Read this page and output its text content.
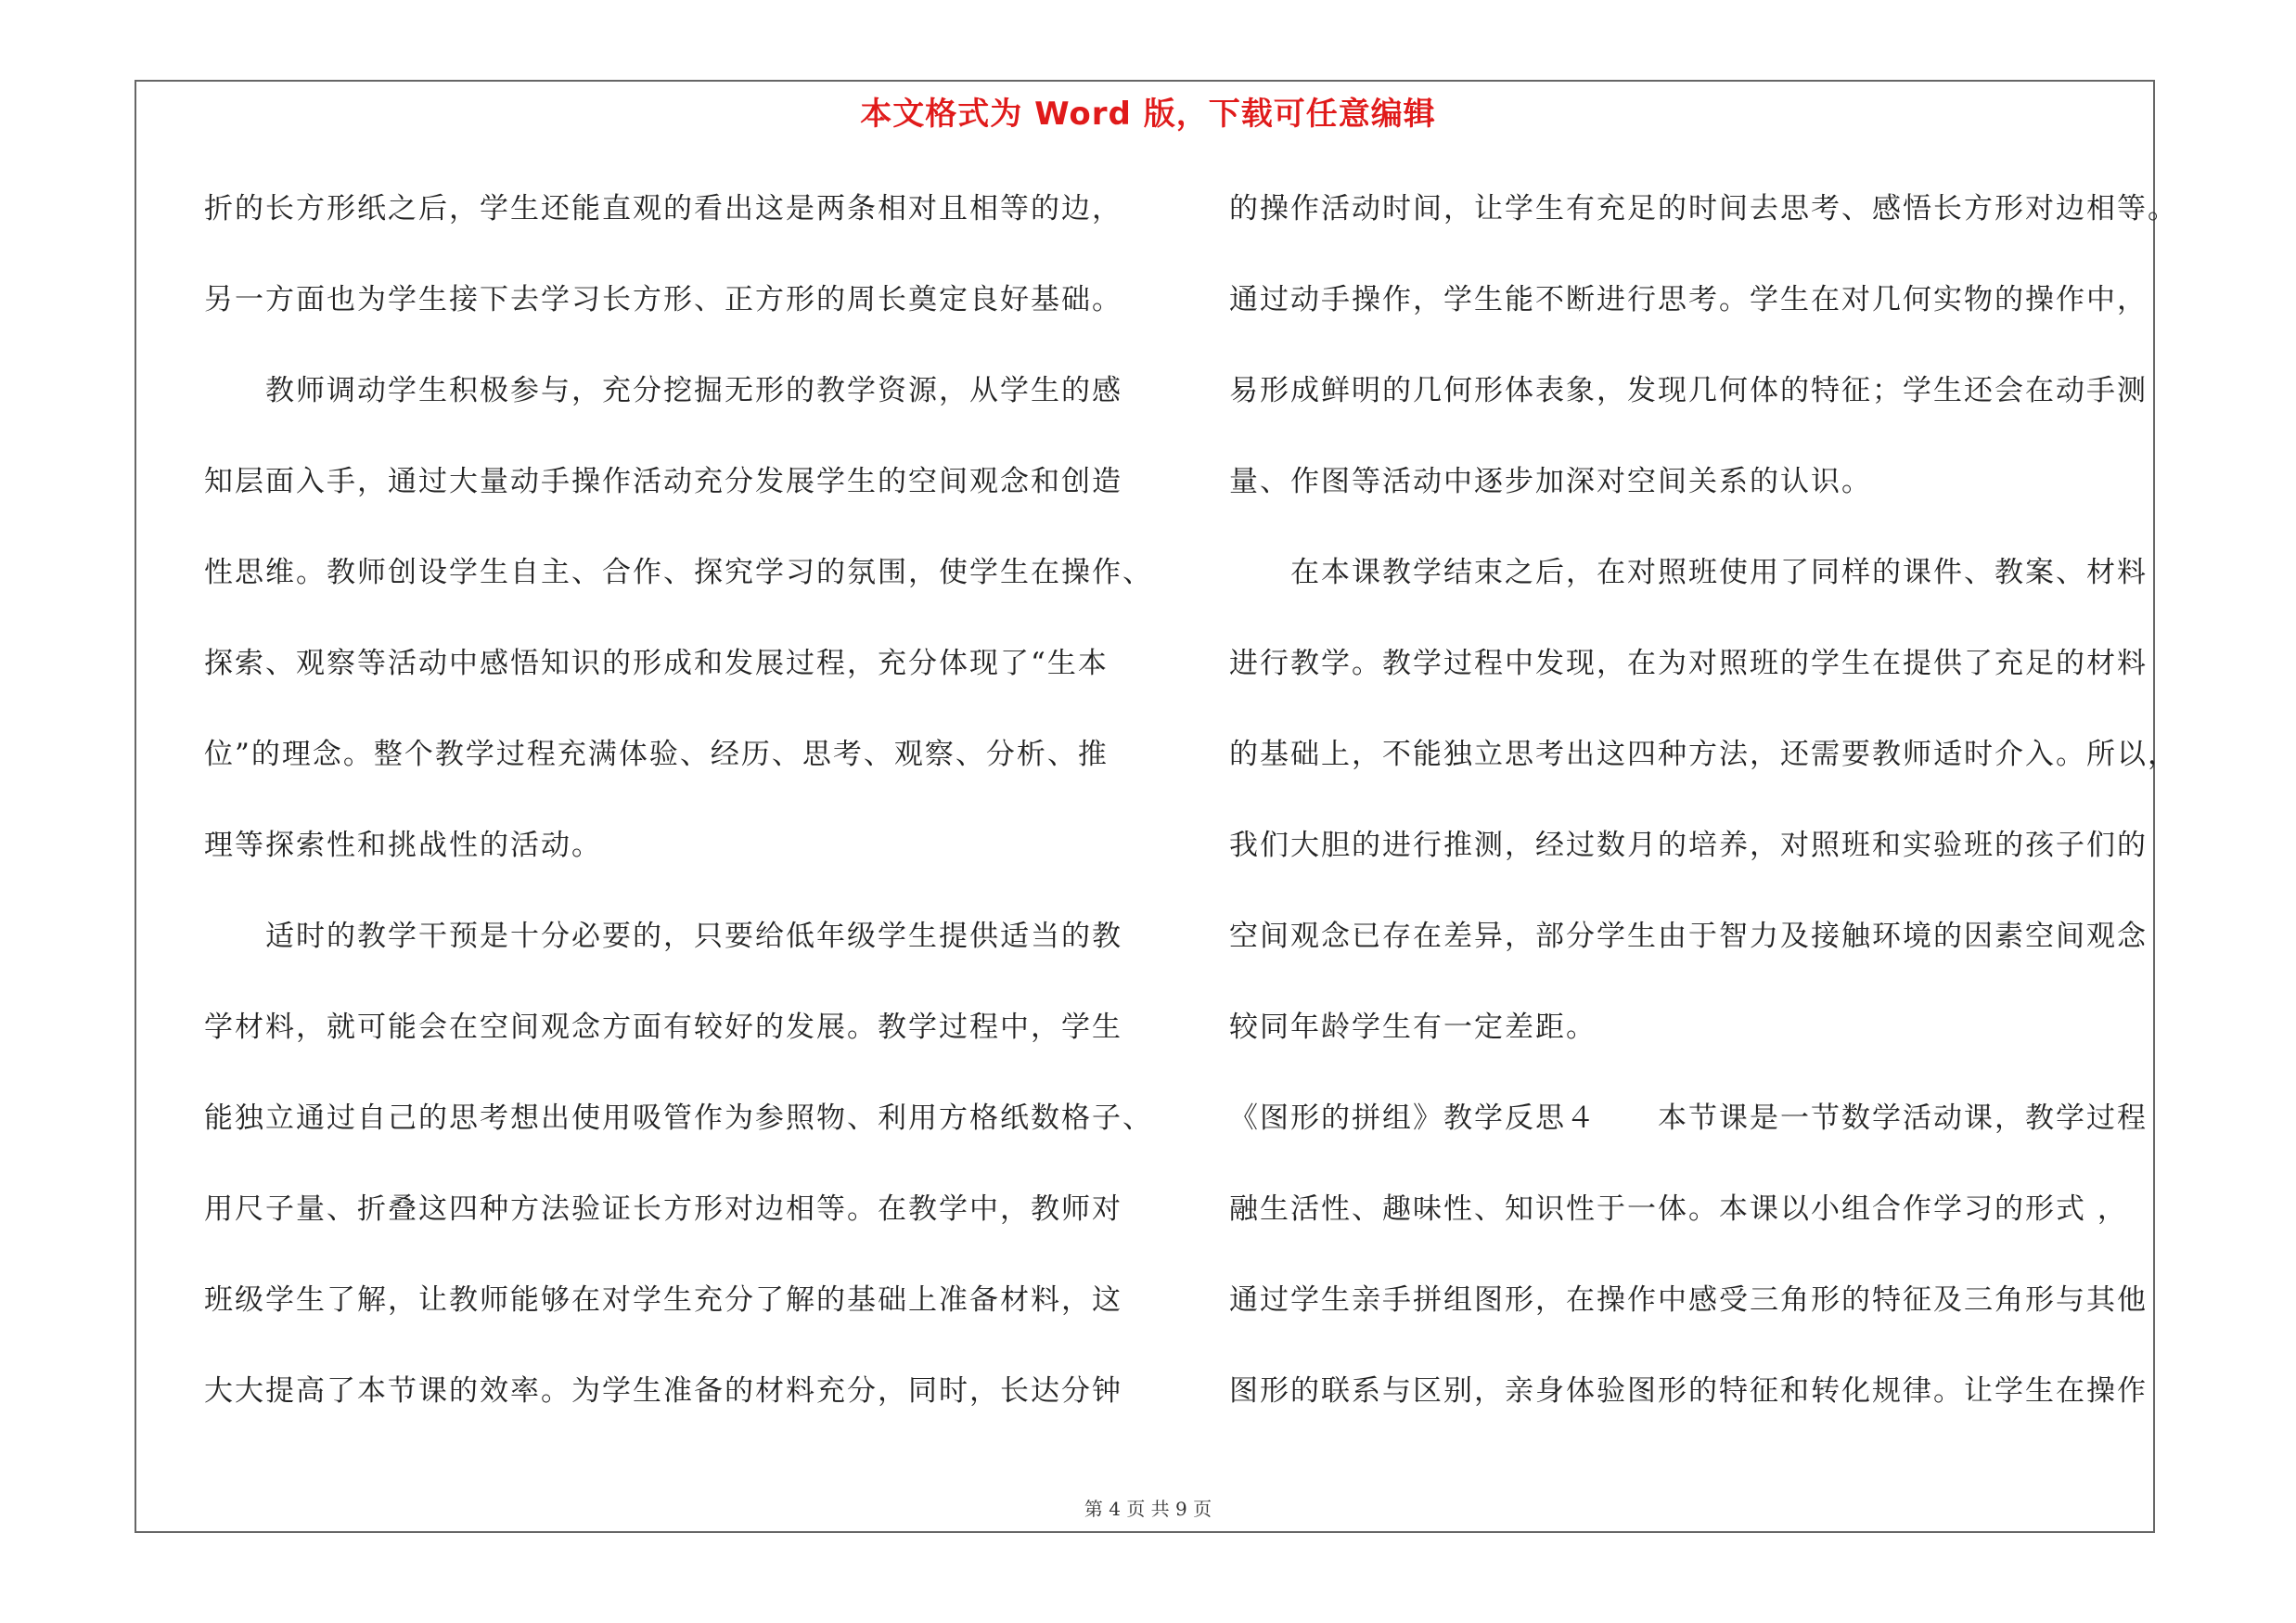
本文格式为 Word 版，下载可任意编辑
折的长方形纸之后，学生还能直观的看出这是两条相对且相等的边，
另一方面也为学生接下去学习长方形、正方形的周长奠定良好基础。
　　教师调动学生积极参与，充分挖掘无形的教学资源，从学生的感
知层面入手，通过大量动手操作活动充分发展学生的空间观念和创造
性思维。教师创设学生自主、合作、探究学习的氛围，使学生在操作、
探索、观察等活动中感悟知识的形成和发展过程，充分体现了“生本
位”的理念。整个教学过程充满体验、经历、思考、观察、分析、推
理等探索性和挑战性的活动。
　　适时的教学干预是十分必要的，只要给低年级学生提供适当的教
学材料，就可能会在空间观念方面有较好的发展。教学过程中，学生
能独立通过自己的思考想出使用吸管作为参照物、利用方格纸数格子、
用尺子量、折叠这四种方法验证长方形对边相等。在教学中，教师对
班级学生了解，让教师能够在对学生充分了解的基础上准备材料，这
大大提高了本节课的效率。为学生准备的材料充分，同时，长达分钟
的操作活动时间，让学生有充足的时间去思考、感悟长方形对边相等。
通过动手操作，学生能不断进行思考。学生在对几何实物的操作中，
易形成鲜明的几何形体表象，发现几何体的特征；学生还会在动手测
量、作图等活动中逐步加深对空间关系的认识。
　　在本课教学结束之后，在对照班使用了同样的课件、教案、材料
进行教学。教学过程中发现，在为对照班的学生在提供了充足的材料
的基础上，不能独立思考出这四种方法，还需要教师适时介入。所以，
我们大胆的进行推测，经过数月的培养，对照班和实验班的孩子们的
空间观念已存在差异，部分学生由于智力及接触环境的因素空间观念
较同年龄学生有一定差距。
《图形的拼组》教学反思４　　本节课是一节数学活动课，教学过程
融生活性、趣味性、知识性于一体。本课以小组合作学习的形式 ，
通过学生亲手拼组图形，在操作中感受三角形的特征及三角形与其他
图形的联系与区别，亲身体验图形的特征和转化规律。让学生在操作
第 4 页 共 9 页
